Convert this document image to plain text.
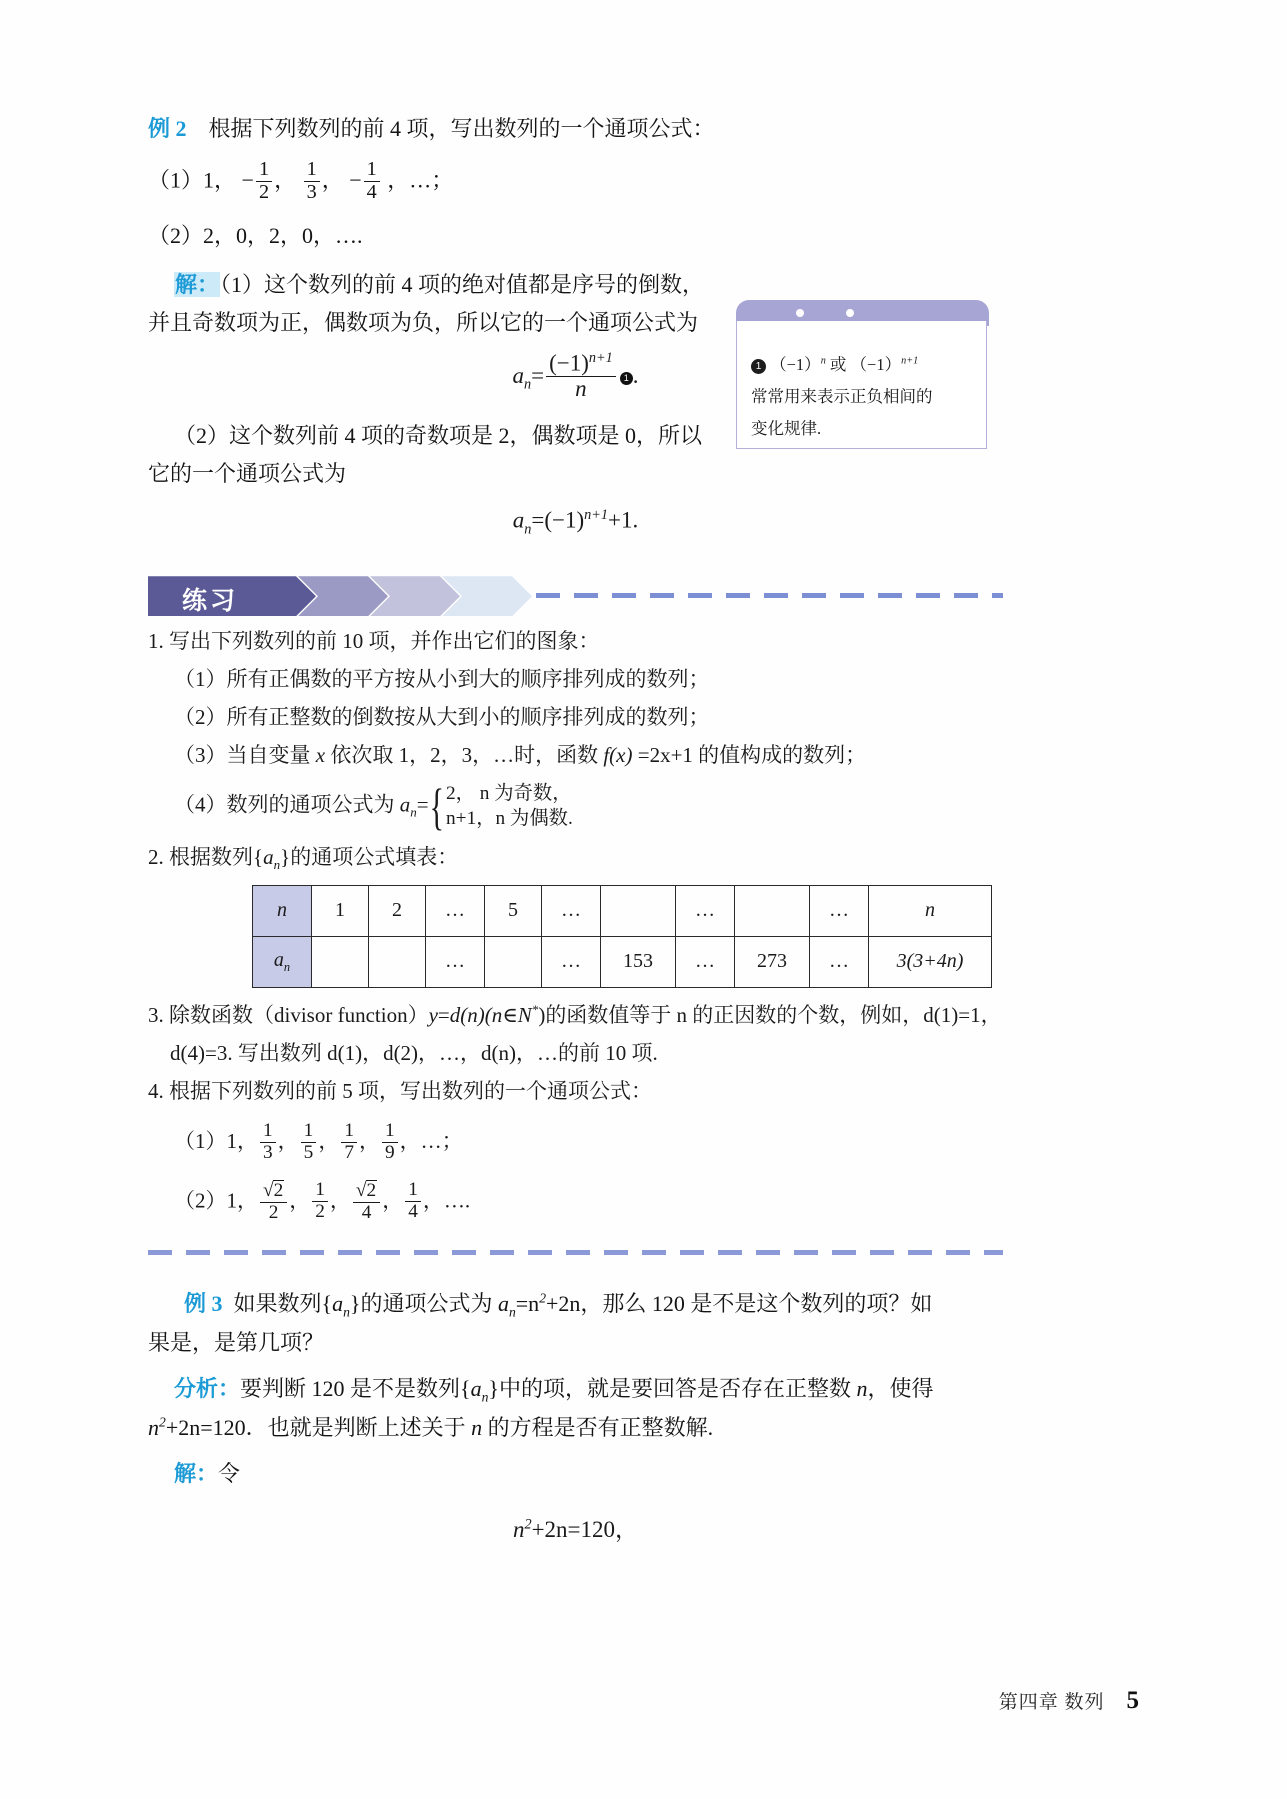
1 $(-1)^n$ 或 $(-1)^{n+1}$
常常用来表示正负相间的
变化规律.
例 2 根据下列数列的前 4 项，写出数列的一个通项公式：
（1）1， − $\frac{1}{2}$ ， $\frac{1}{3}$ ， − $\frac{1}{4}$ ，…；
（2）2，0，2，0，….
解：（1）这个数列的前 4 项的绝对值都是序号的倒数，
并且奇数项为正，偶数项为负，所以它的一个通项公式为
$a_n= \frac{(-1)^{n+1}}{n} 1$ .
（2）这个数列前 4 项的奇数项是 2，偶数项是 0，所以
它的一个通项公式为
$a_n=(-1)^{n+1}+1$.
练习
1. 写出下列数列的前 10 项，并作出它们的图象：
（1）所有正偶数的平方按从小到大的顺序排列成的数列；
（2）所有正整数的倒数按从大到小的顺序排列成的数列；
（3）当自变量 x 依次取 1，2，3，…时，函数 f(x) =2x+1 的值构成的数列；
（4）数列的通项公式为 $a_n=${ 2， n 为奇数，
n+1，n 为偶数.
2. 根据数列$\{a_n\}$的通项公式填表：
n	1	2	…	5	…		…		…	n
$a_n$			…		…	153	…	273	…	3(3+4n)
3. 除数函数（divisor function）y=d(n)(n∈N*)的函数值等于 n 的正因数的个数，例如，d(1)=1，
d(4)=3. 写出数列 d(1)，d(2)，…，d(n)，…的前 10 项.
4. 根据下列数列的前 5 项，写出数列的一个通项公式：
（1）1， $\frac{1}{3}$ ， $\frac{1}{5}$ ， $\frac{1}{7}$ ， $\frac{1}{9}$ ，…；
（2）1， $\frac{√2}{2}$ ， $\frac{1}{2}$ ， $\frac{√2}{4}$ ， $\frac{1}{4}$ ，….
例 3 如果数列$\{a_n\}$的通项公式为 $a_n=n^2+2n$，那么 120 是不是这个数列的项？如
果是，是第几项？
分析：要判断 120 是不是数列$\{a_n\}$中的项，就是要回答是否存在正整数 n，使得
$n^2+2n=120$．也就是判断上述关于 n 的方程是否有正整数解.
解：令
$n^2+2n=120$，
第四章 数列 5
